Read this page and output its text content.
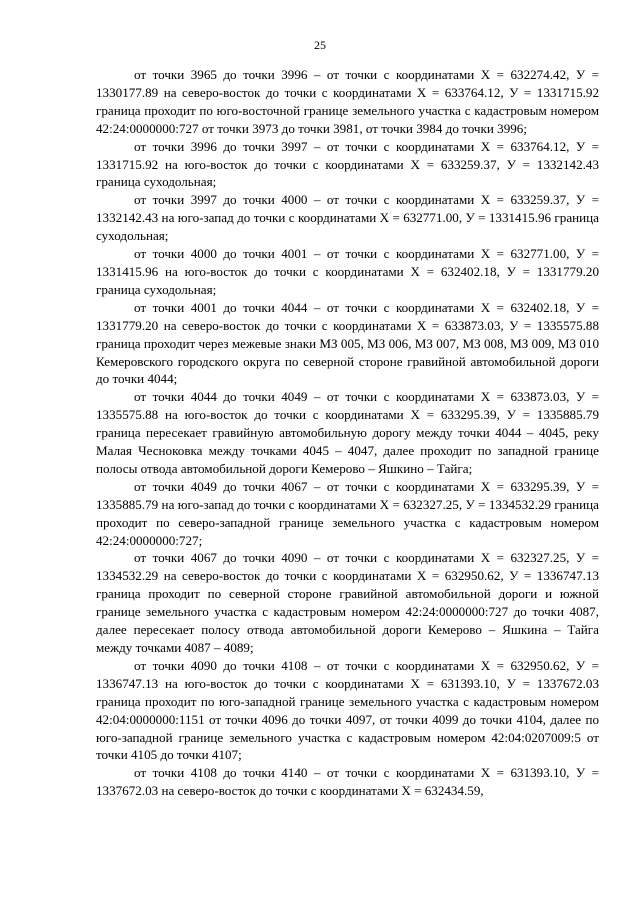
25

от точки 3965 до точки 3996 – от точки с координатами Х = 632274.42, У = 1330177.89 на северо-восток до точки с координатами Х = 633764.12, У = 1331715.92 граница проходит по юго-восточной границе земельного участка с кадастровым номером 42:24:0000000:727 от точки 3973 до точки 3981, от точки 3984 до точки 3996;

от точки 3996 до точки 3997 – от точки с координатами Х = 633764.12, У = 1331715.92 на юго-восток до точки с координатами Х = 633259.37, У = 1332142.43 граница суходольная;

от точки 3997 до точки 4000 – от точки с координатами Х = 633259.37, У = 1332142.43 на юго-запад до точки с координатами Х = 632771.00, У = 1331415.96 граница суходольная;

от точки 4000 до точки 4001 – от точки с координатами Х = 632771.00, У = 1331415.96 на юго-восток до точки с координатами Х = 632402.18, У = 1331779.20 граница суходольная;

от точки 4001 до точки 4044 – от точки с координатами Х = 632402.18, У = 1331779.20 на северо-восток до точки с координатами Х = 633873.03, У = 1335575.88 граница проходит через межевые знаки МЗ 005, МЗ 006, МЗ 007, МЗ 008, МЗ 009, МЗ 010 Кемеровского городского округа по северной стороне гравийной автомобильной дороги до точки 4044;

от точки 4044 до точки 4049 – от точки с координатами Х = 633873.03, У = 1335575.88 на юго-восток до точки с координатами Х = 633295.39, У = 1335885.79 граница пересекает гравийную автомобильную дорогу между точки 4044 – 4045, реку Малая Чесноковка между точками 4045 – 4047, далее проходит по западной границе полосы отвода автомобильной дороги Кемерово – Яшкино – Тайга;

от точки 4049 до точки 4067 – от точки с координатами Х = 633295.39, У = 1335885.79 на юго-запад до точки с координатами Х = 632327.25, У = 1334532.29 граница проходит по северо-западной границе земельного участка с кадастровым номером 42:24:0000000:727;

от точки 4067 до точки 4090 – от точки с координатами Х = 632327.25, У = 1334532.29 на северо-восток до точки с координатами Х = 632950.62, У = 1336747.13 граница проходит по северной стороне гравийной автомобильной дороги и южной границе земельного участка с кадастровым номером 42:24:0000000:727 до точки 4087, далее пересекает полосу отвода автомобильной дороги Кемерово – Яшкина – Тайга между точками 4087 – 4089;

от точки 4090 до точки 4108 – от точки с координатами Х = 632950.62, У = 1336747.13 на юго-восток до точки с координатами Х = 631393.10, У = 1337672.03 граница проходит по юго-западной границе земельного участка с кадастровым номером 42:04:0000000:1151 от точки 4096 до точки 4097, от точки 4099 до точки 4104, далее по юго-западной границе земельного участка с кадастровым номером 42:04:0207009:5 от точки 4105 до точки 4107;

от точки 4108 до точки 4140 – от точки с координатами Х = 631393.10, У = 1337672.03 на северо-восток до точки с координатами Х = 632434.59,
